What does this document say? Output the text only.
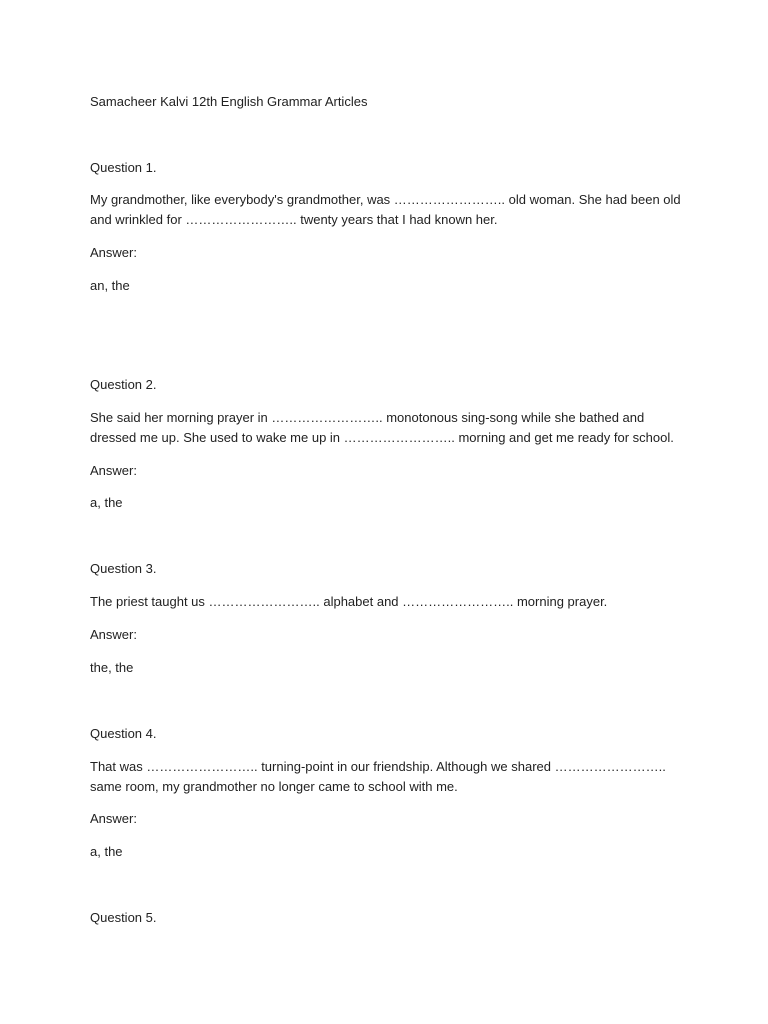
Samacheer Kalvi 12th English Grammar Articles

Question 1.

My grandmother, like everybody's grandmother, was …………………….. old woman. She had been old and wrinkled for …………………….. twenty years that I had known her.

Answer:

an, the

Question 2.

She said her morning prayer in …………………….. monotonous sing-song while she bathed and dressed me up. She used to wake me up in …………………….. morning and get me ready for school.

Answer:

a, the

Question 3.

The priest taught us …………………….. alphabet and …………………….. morning prayer.

Answer:

the, the

Question 4.

That was …………………….. turning-point in our friendship. Although we shared …………………….. same room, my grandmother no longer came to school with me.

Answer:

a, the

Question 5.
